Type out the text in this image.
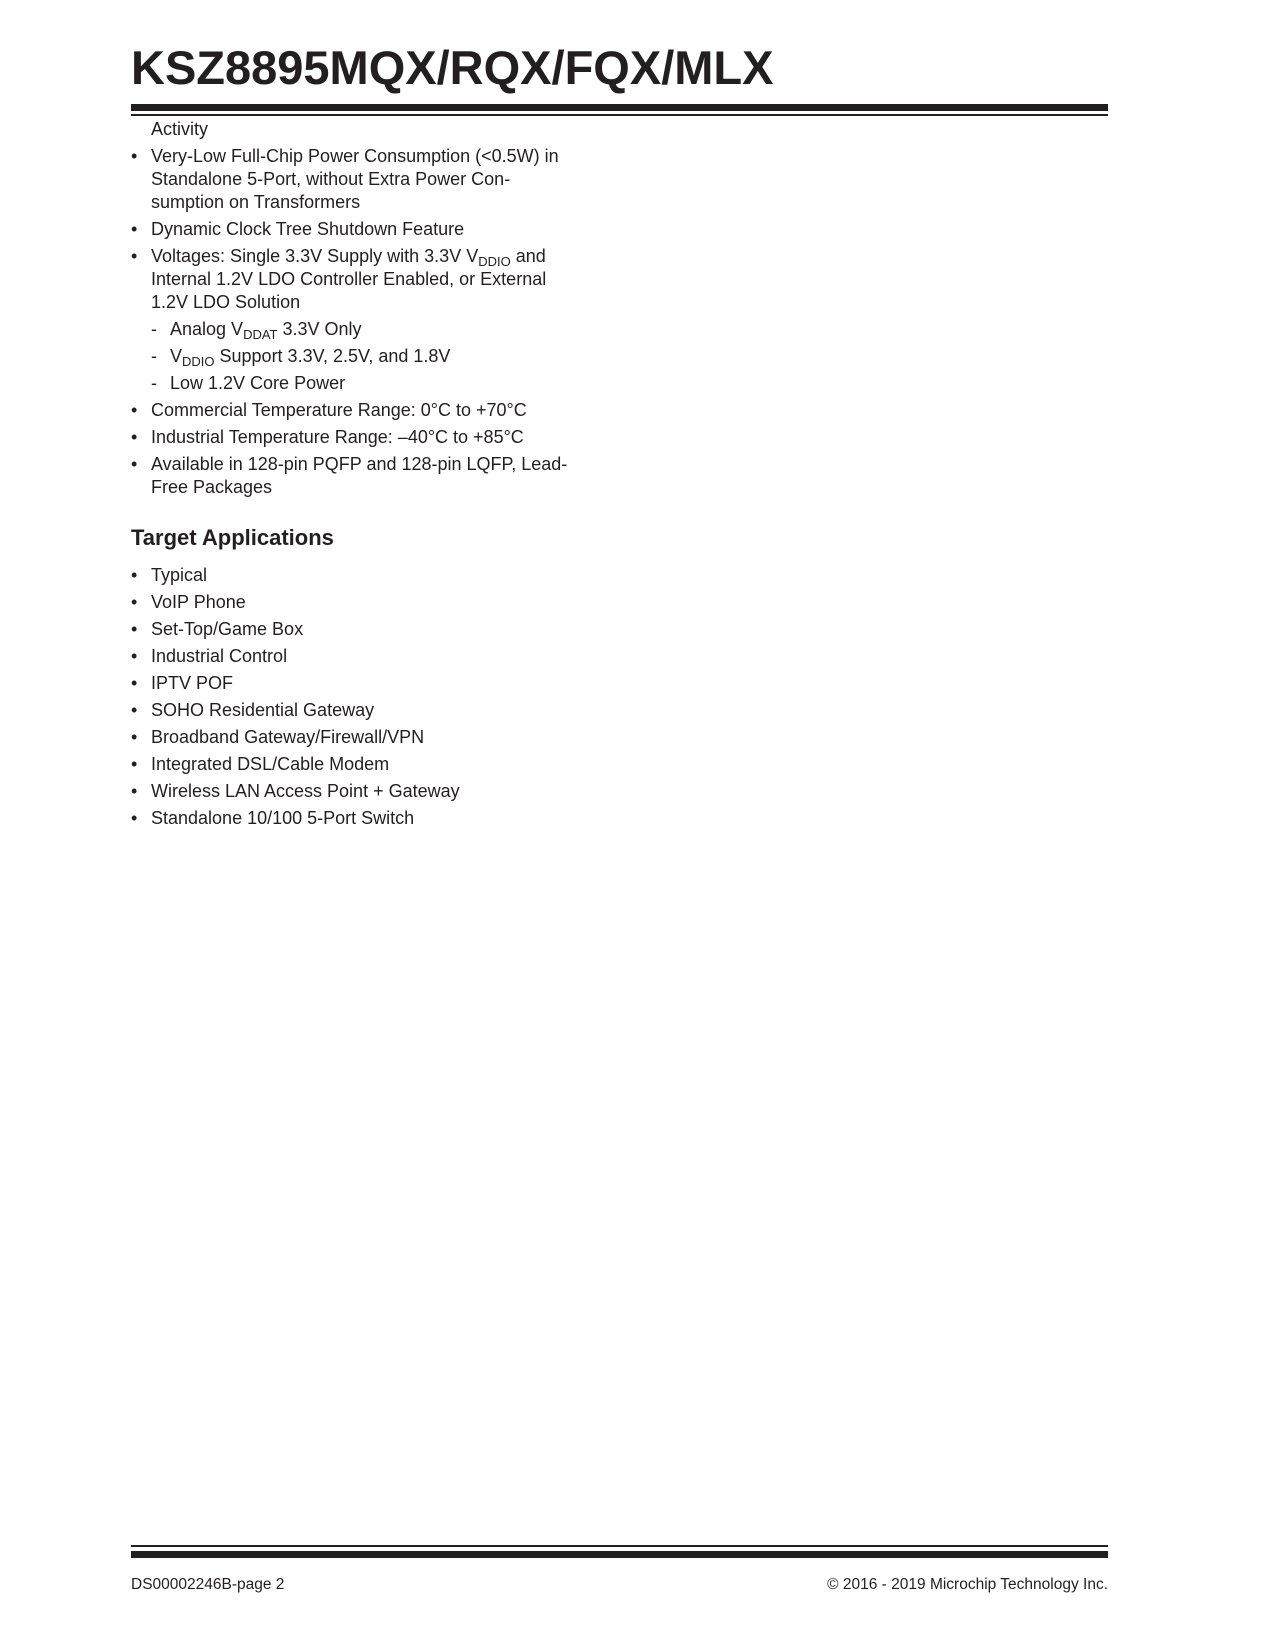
KSZ8895MQX/RQX/FQX/MLX
Activity
• Very-Low Full-Chip Power Consumption (<0.5W) in Standalone 5-Port, without Extra Power Con-sumption on Transformers
• Dynamic Clock Tree Shutdown Feature
• Voltages: Single 3.3V Supply with 3.3V $V_{DDIO}$ and Internal 1.2V LDO Controller Enabled, or External 1.2V LDO Solution
- Analog $V_{DDAT}$ 3.3V Only
- $V_{DDIO}$ Support 3.3V, 2.5V, and 1.8V
- Low 1.2V Core Power
• Commercial Temperature Range: 0°C to +70°C
• Industrial Temperature Range: –40°C to +85°C
• Available in 128-pin PQFP and 128-pin LQFP, Lead-Free Packages
Target Applications
• Typical
• VoIP Phone
• Set-Top/Game Box
• Industrial Control
• IPTV POF
• SOHO Residential Gateway
• Broadband Gateway/Firewall/VPN
• Integrated DSL/Cable Modem
• Wireless LAN Access Point + Gateway
• Standalone 10/100 5-Port Switch
DS00002246B-page 2	© 2016 - 2019 Microchip Technology Inc.
